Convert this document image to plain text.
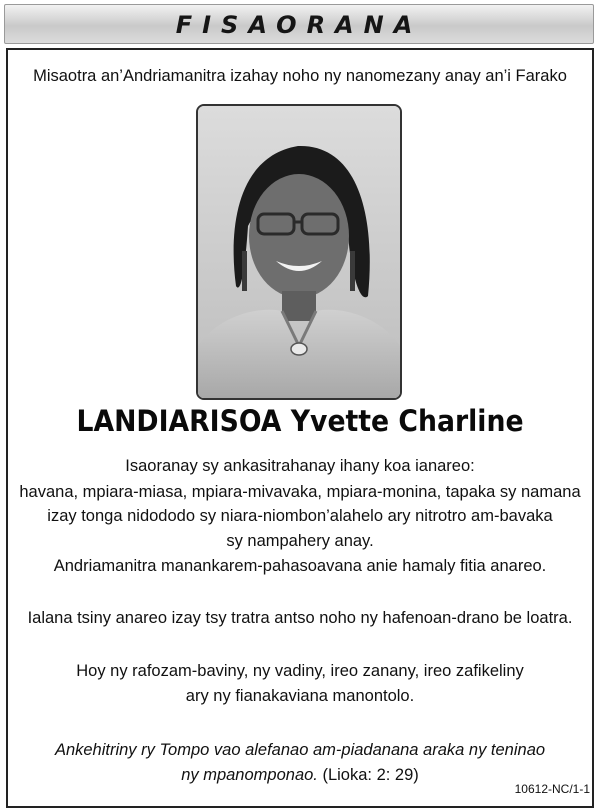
FISAORANA
Misaotra an’Andriamanitra izahay noho ny nanomezany anay an’i Farako
LANDIARISOA Yvette Charline
Isaoranay sy ankasitrahanay ihany koa ianareo:
havana, mpiara-miasa, mpiara-mivavaka, mpiara-monina, tapaka sy namana
izay tonga nidododo sy niara-niombon’alahelo ary nitrotro am-bavaka
sy nampahery anay.
Andriamanitra manankarem-pahasoavana anie hamaly fitia anareo.
Ialana tsiny anareo izay tsy tratra antso noho ny hafenoan-drano be loatra.
Hoy ny rafozam-baviny, ny vadiny, ireo zanany, ireo zafikeliny
ary ny fianakaviana manontolo.
Ankehitriny ry Tompo vao alefanao am-piadanana araka ny teninao
ny mpanomponao. (Lioka: 2: 29)
10612-NC/1-1
